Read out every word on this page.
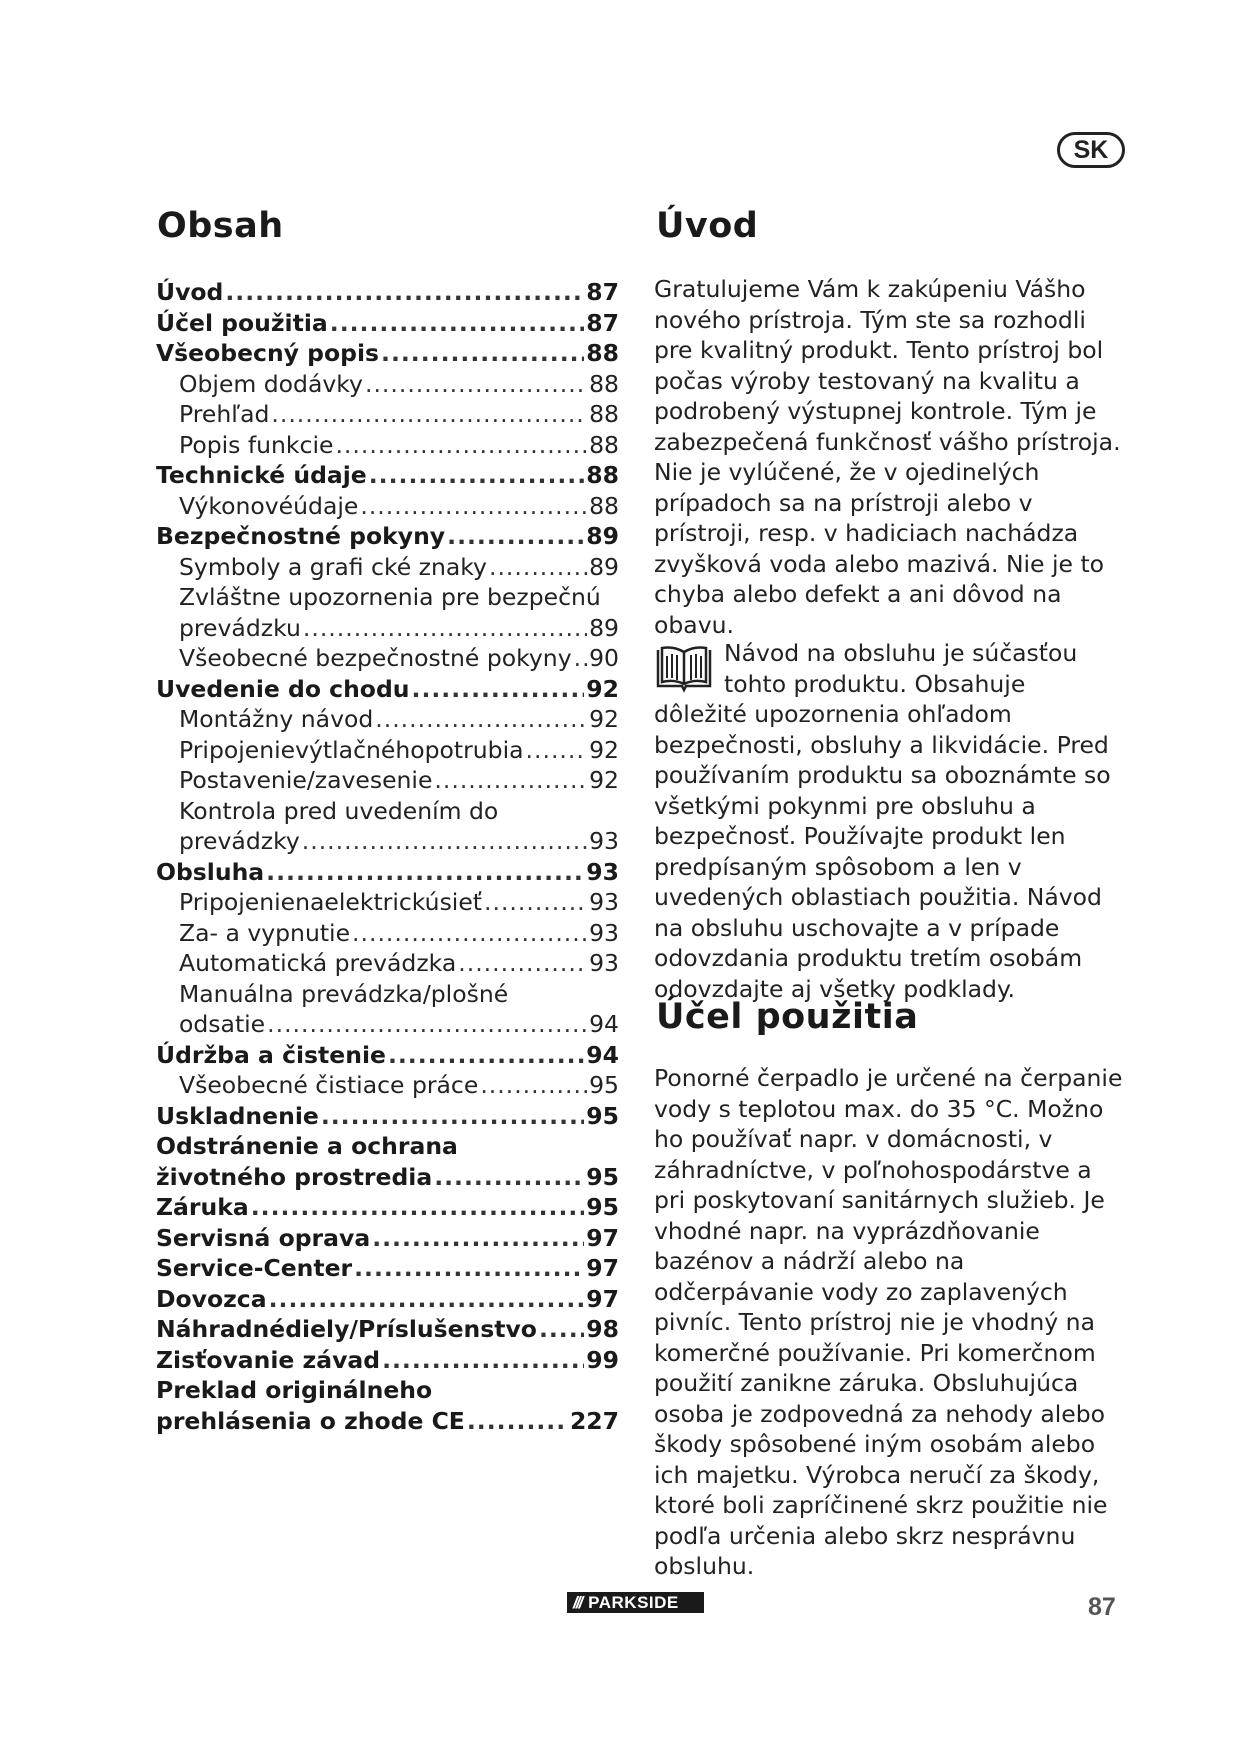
SK
Obsah
Úvod .....	87
Účel použitia .....	87
Všeobecný popis .....	88
Objem dodávky .....	88
Prehľad .....	88
Popis funkcie .....	88
Technické údaje .....	88
Výkonovéúdaje .....	88
Bezpečnostné pokyny .....	89
Symboly a grafi cké znaky .....	89
Zvláštne upozornenia pre bezpečnú
prevádzku .....	89
Všeobecné bezpečnostné pokyny ..... 90
Uvedenie do chodu .....	92
Montážny návod .....	92
Pripojenievýtlačnéhopotrubia .....	92
Postavenie/zavesenie .....	92
Kontrola pred uvedením do
prevádzky .....	93
Obsluha .....	93
Pripojenienaelektrickúsieť .....	93
Za- a vypnutie .....	93
Automatická prevádzka .....	93
Manuálna prevádzka/plošné
odsatie .....	94
Údržba a čistenie .....	94
Všeobecné čistiace práce .....	95
Uskladnenie .....	95
Odstránenie a ochrana
životného prostredia .....	95
Záruka .....	95
Servisná oprava .....	97
Service-Center .....	97
Dovozca .....	97
Náhradnédiely/Príslušenstvo ..... 98
Zisťovanie závad .....	99
Preklad originálneho
prehlásenia o zhode CE .....	227
Úvod

Gratulujeme Vám k zakúpeniu Vášho nového prístroja. Tým ste sa rozhodli pre kvalitný produkt. Tento prístroj bol počas výroby testovaný na kvalitu a podrobený výstupnej kontrole. Tým je zabezpečená funkčnosť vášho prístroja. Nie je vylúčené, že v ojedinelých prípadoch sa na prístroji alebo v prístroji, resp. v hadiciach nachádza zvyšková voda alebo mazivá. Nie je to chyba alebo defekt a ani dôvod na obavu.

Návod na obsluhu je súčasťou tohto produktu. Obsahuje dôležité upozornenia ohľadom bezpečnosti, obsluhy a likvidácie. Pred používaním produktu sa oboznámte so všetkými pokynmi pre obsluhu a bezpečnosť. Používajte produkt len predpísaným spôsobom a len v uvedených oblastiach použitia. Návod na obsluhu uschovajte a v prípade odovzdania produktu tretím osobám odovzdajte aj všetky podklady.
Účel použitia

Ponorné čerpadlo je určené na čerpanie vody s teplotou max. do 35 °C. Možno ho používať napr. v domácnosti, v záhradníctve, v poľnohospodárstve a pri poskytovaní sanitárnych služieb. Je vhodné napr. na vyprázdňovanie bazénov a nádrží alebo na odčerpávanie vody zo zaplavených pivníc. Tento prístroj nie je vhodný na komerčné používanie. Pri komerčnom použití zanikne záruka. Obsluhujúca osoba je zodpovedná za nehody alebo škody spôsobené iným osobám alebo ich majetku. Výrobca neručí za škody, ktoré boli zapríčinené skrz použitie nie podľa určenia alebo skrz nesprávnu obsluhu.

/// PARKSIDE	87
